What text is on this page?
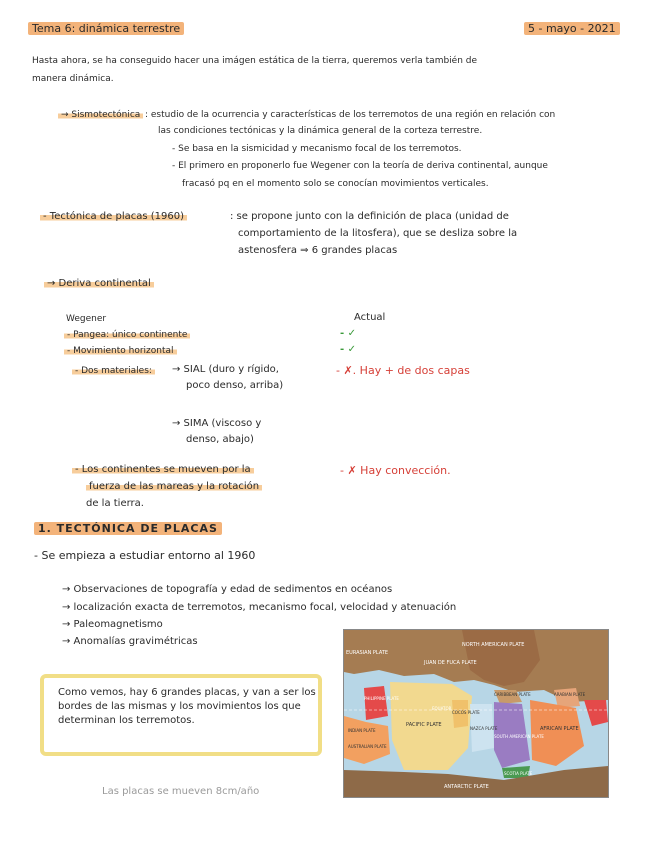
Tema 6: dinámica terrestre	5 - mayo - 2021
Hasta ahora, se ha conseguido hacer una imágen estática de la tierra, queremos verla también de
manera dinámica.
→ Sismotectónica : estudio de la ocurrencia y características de los terremotos de una región en relación con
las condiciones tectónicas y la dinámica general de la corteza terrestre.
- Se basa en la sismicidad y mecanismo focal de los terremotos.
- El primero en proponerlo fue Wegener con la teoría de deriva continental, aunque
fracasó pq en el momento solo se conocían movimientos verticales.
- Tectónica de placas (1960)	: se propone junto con la definición de placa (unidad de
comportamiento de la litosfera), que se desliza sobre la
astenosfera ⇒ 6 grandes placas
→ Deriva continental
Wegener	Actual
- Pangea: único continente	- ✓
- Movimiento horizontal	- ✓
- Dos materiales:	→ SIAL (duro y rígido,
poco denso, arriba)
- ✗. Hay + de dos capas
→ SIMA (viscoso y
denso, abajo)
- Los continentes se mueven por la
fuerza de las mareas y la rotación
de la tierra.
- ✗ Hay convección.
1. TECTÓNICA DE PLACAS
- Se empieza a estudiar entorno al 1960
→ Observaciones de topografía y edad de sedimentos en océanos
→ localización exacta de terremotos, mecanismo focal, velocidad y atenuación
→ Paleomagnetismo
→ Anomalías gravimétricas
Como vemos, hay 6 grandes placas, y van a ser los bordes de las mismas y los movimientos los que determinan los terremotos.
EURASIAN PLATE
NORTH AMERICAN PLATE
JUAN DE FUCA PLATE
CARIBBEAN PLATE	ARABIAN PLATE
PHILIPPINE PLATE
PACIFIC PLATE
COCOS PLATE
NAZCA PLATE
SOUTH AMERICAN PLATE
AFRICAN PLATE
INDIAN PLATE
AUSTRALIAN PLATE
ANTARCTIC PLATE
SCOTIA PLATE
EQUATOR
Las placas se mueven 8cm/año
